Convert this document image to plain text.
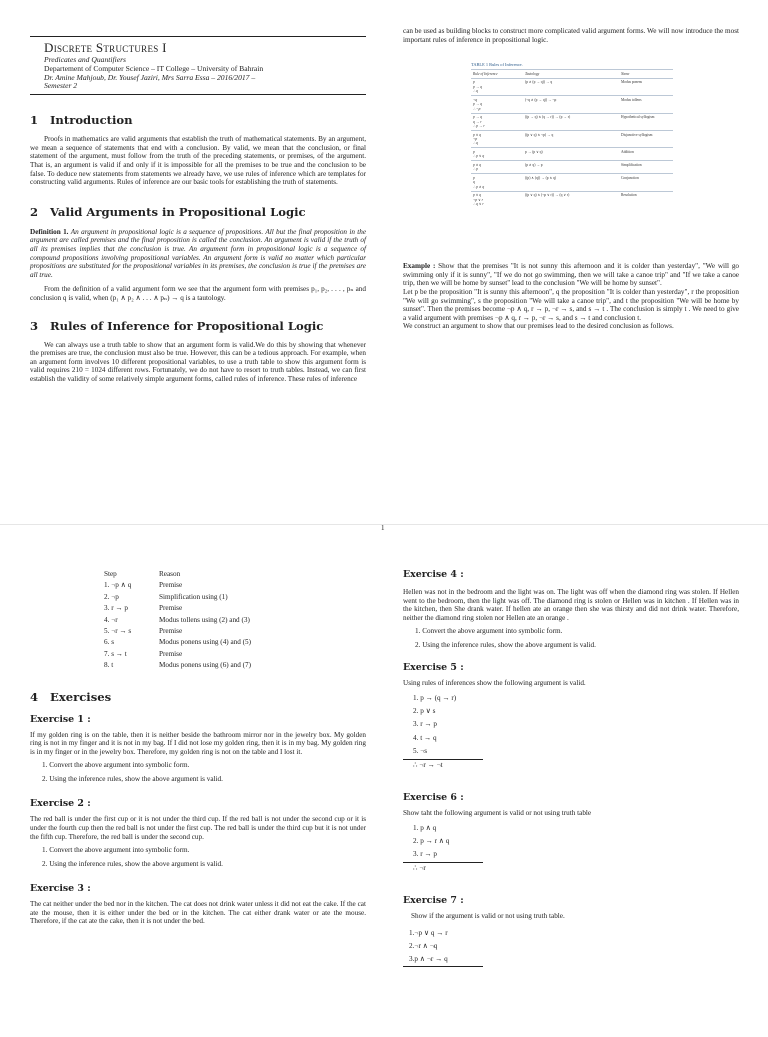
Discrete Structures I

Predicates and Quantifiers

Departement of Computer Science – IT College – University of Bahrain

Dr. Amine Mahjoub, Dr. Yousef Jaziri, Mrs Sarra Essa – 2016/2017 –

Semester 2

1 Introduction

Proofs in mathematics are valid arguments that establish the truth of mathematical statements. By an argument, we mean a sequence of statements that end with a conclusion. By valid, we mean that the conclusion, or final statement of the argument, must follow from the truth of the preceding statements, or premises, of the argument. That is, an argument is valid if and only if it is impossible for all the premises to be true and the conclusion to be false. To deduce new statements from statements we already have, we use rules of inference which are templates for constructing valid arguments. Rules of inference are our basic tools for establishing the truth of statements.

2 Valid Arguments in Propositional Logic

Definition 1. An argument in propositional logic is a sequence of propositions. All but the final proposition in the argument are called premises and the final proposition is called the conclusion. An argument is valid if the truth of all its premises implies that the conclusion is true. An argument form in propositional logic is a sequence of compound propositions involving propositional variables. An argument form is valid no matter which particular propositions are substituted for the propositional variables in its premises, the conclusion is true if the premises are all true.

From the definition of a valid argument form we see that the argument form with premises p₁, p₂, . . . , pₙ and conclusion q is valid, when (p₁ ∧ p₂ ∧ . . . ∧ pₙ) → q is a tautology.

3 Rules of Inference for Propositional Logic

We can always use a truth table to show that an argument form is valid.We do this by showing that whenever the premises are true, the conclusion must also be true. However, this can be a tedious approach. For example, when an argument form involves 10 different propositional variables, to use a truth table to show this argument form is valid requires 210 = 1024 different rows. Fortunately, we do not have to resort to truth tables. Instead, we can first establish the validity of some relatively simple argument forms, called rules of inference. These rules of inference

can be used as building blocks to construct more complicated valid argument forms. We will now introduce the most important rules of inference in propositional logic.

TABLE 1 Rules of Inference.
Rule of Inference	Tautology	Name
p
p → q
∴ q	(p ∧ (p → q)) → q	Modus ponens
¬q
p → q
∴ ¬p	(¬q ∧ (p → q)) → ¬p	Modus tollens
p → q
q → r
∴ p → r	((p → q) ∧ (q → r)) → (p → r)	Hypothetical syllogism
p ∨ q
¬p
∴ q	((p ∨ q) ∧ ¬p) → q	Disjunctive syllogism
p
∴ p ∨ q	p → (p ∨ q)	Addition
p ∧ q
∴ p	(p ∧ q) → p	Simplification
p
q
∴ p ∧ q	((p) ∧ (q)) → (p ∧ q)	Conjunction
p ∨ q
¬p ∨ r
∴ q ∨ r	((p ∨ q) ∧ (¬p ∨ r)) → (q ∨ r)	Resolution

Example : Show that the premises "It is not sunny this afternoon and it is colder than yesterday", "We will go swimming only if it is sunny", "If we do not go swimming, then we will take a canoe trip" and "If we take a canoe trip, then we will be home by sunset" lead to the conclusion "We will be home by sunset".

Let p be the proposition "It is sunny this afternoon", q the proposition "It is colder than yesterday", r the proposition "We will go swimming", s the proposition "We will take a canoe trip", and t the proposition "We will be home by sunset". Then the premises become ¬p ∧ q, r → p, ¬r → s, and s → t . The conclusion is simply t . We need to give a valid argument with premises ¬p ∧ q, r → p, ¬r → s, and s → t and conclusion t.

We construct an argument to show that our premises lead to the desired conclusion as follows.

1
Step	Reason
1. ¬p ∧ q	Premise
2. ¬p	Simplification using (1)
3. r → p	Premise
4. ¬r	Modus tollens using (2) and (3)
5. ¬r → s	Premise
6. s	Modus ponens using (4) and (5)
7. s → t	Premise
8. t	Modus ponens using (6) and (7)
4 Exercises
Exercise 1 :

If my golden ring is on the table, then it is neither beside the bathroom mirror nor in the jewelry box. My golden ring is not in my finger and it is not in my bag. If I did not lose my golden ring, then it is in my bag. My golden ring is in my finger or in the jewelry box. Therefore, my golden ring is not on the table and I lost it.

1. Convert the above argument into symbolic form.
2. Using the inference rules, show the above argument is valid.
Exercise 2 :

The red ball is under the first cup or it is not under the third cup. If the red ball is not under the second cup or it is under the fourth cup then the red ball is not under the first cup. The red ball is under the third cup but it is not under the fifth cup. Therefore, the red ball is under the second cup.

1. Convert the above argument into symbolic form.
2. Using the inference rules, show the above argument is valid.
Exercise 3 :

The cat neither under the bed nor in the kitchen. The cat does not drink water unless it did not eat the cake. If the cat ate the mouse, then it is either under the bed or in the kitchen. The cat either drank water or ate the mouse. Therefore, if the cat ate the cake, then it is not under the bed.

Exercise 4 :

Hellen was not in the bedroom and the light was on. The light was off when the diamond ring was stolen. If Hellen went to the bedroom, then the light was off. The diamond ring is stolen or Hellen was in kitchen . If Hellen was in the kitchen, then She drank water. If hellen ate an orange then she was thirsty and did not drink water. Therefore, neither the diamond ring stolen nor Hellen ate an orange .

1. Convert the above argument into symbolic form.
2. Using the inference rules, show the above argument is valid.
Exercise 5 :

Using rules of inferences show the following argument is valid.

1. p → (q → r)
2. p ∨ s
3. r → p
4. t → q
5. ¬s
∴ ¬r → ¬t
Exercise 6 :

Show taht the following argument is valid or not using truth table

1. p ∧ q
2. p → r ∧ q
3. r → p
∴ ¬r
Exercise 7 :

Show if the argument is valid or not using truth table.

1.¬p ∨ q → r
2.¬r ∧ ¬q
3.p ∧ ¬r → q
